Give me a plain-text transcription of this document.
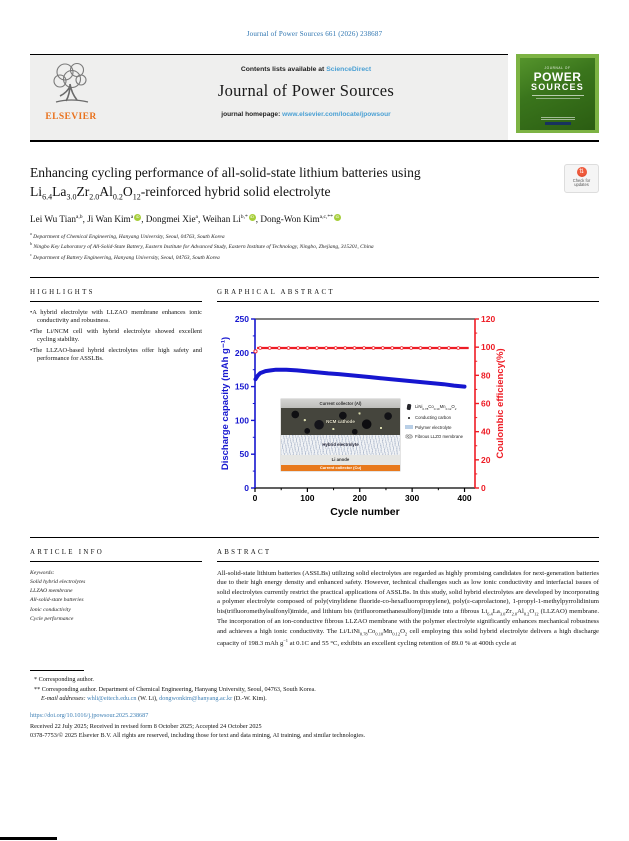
Journal of Power Sources 661 (2026) 238687
ELSEVIER
Contents lists available at ScienceDirect
Journal of Power Sources
journal homepage: www.elsevier.com/locate/jpowsour
JOURNAL OF
POWER
SOURCES
Enhancing cycling performance of all-solid-state lithium batteries using
$Li_{6.4}La_{3.0}Zr_{2.0}Al_{0.2}O_{12}$-reinforced hybrid solid electrolyte
⇅
Check for updates
Lei Wu Tian$^{a,b}$, Ji Wan Kim$^a$ iD , Dongmei Xie$^a$, Weihan $Li^{b,*}$ iD , Dong-Won Kim$^{a,c,**}$ iD
$^a$ Department of Chemical Engineering, Hanyang University, Seoul, 04763, South Korea
$^b$ Ningbo Key Laboratory of All-Solid-State Battery, Eastern Institute for Advanced Study, Eastern Institute of Technology, Ningbo, Zhejiang, 315201, China
$^c$ Department of Battery Engineering, Hanyang University, Seoul, 04763, South Korea
HIGHLIGHTS
• A hybrid electrolyte with LLZAO membrane enhances ionic conductivity and robustness.
• The Li/NCM cell with hybrid electrolyte showed excellent cycling stability.
• The LLZAO-based hybrid electrolytes offer high safety and performance for ASSLBs.
GRAPHICAL ABSTRACT
0
50
100
150
200
250
0
20
40
60
80
100
120
0	100	200	300	400
Discharge capacity (mAh g⁻¹)	Coulombic efficiency(%)
Cycle number
Current collector (Al)
NCM cathode
Hybrid electrolyte
Li anode
Current collector (Cu)
$LiNi_{0.78}Co_{0.10}Mn_{0.12}O_2$
Conducting carbon
Polymer electrolyte
Fibrous LLZO membrane
ARTICLE INFO
Keywords:
Solid hybrid electrolytes
LLZAO membrane
All-solid-state batteries
Ionic conductivity
Cycle performance
ABSTRACT
All-solid-state lithium batteries (ASSLBs) utilizing solid electrolytes are regarded as highly promising candidates for next-generation batteries due to their high energy density and enhanced safety. However, technical challenges such as low ionic conductivity and interfacial issues of solid electrolytes currently restrict the practical applications of ASSLBs. In this study, solid hybrid electrolytes are developed by incorporating a polymer electrolyte composed of poly(vinylidene fluoride-co-hexafluoropropylene), poly(ε-caprolactone), 1-propyl-1-methylpyrrolidinium bis(trifluoromethylsulfonyl)imide, and lithium bis (trifluoromethanesulfonyl)imide into a fibrous $Li_{6.4}La_{3.0}Zr_{2.0}Al_{0.2}O_{12}$ (LLZAO) membrane. The incorporation of an ion-conductive fibrous LLZAO membrane with the polymer electrolyte significantly enhances mechanical robustness and achieves a high ionic conductivity. The $Li/LiNi_{0.78}Co_{0.10}Mn_{0.12}O_2$ cell employing this solid hybrid electrolyte delivers a high discharge capacity of 198.3 mAh $g^{-1}$ at 0.1C and 55 °C, exhibits an excellent cycling retention of 89.0 % at 400th cycle at
* Corresponding author.
** Corresponding author. Department of Chemical Engineering, Hanyang University, Seoul, 04763, South Korea.
E-mail addresses: whli@eitech.edu.cn (W. Li), dongwonkim@hanyang.ac.kr (D.-W. Kim).
https://doi.org/10.1016/j.jpowsour.2025.238687
Received 22 July 2025; Received in revised form 8 October 2025; Accepted 24 October 2025
0378-7753/© 2025 Elsevier B.V. All rights are reserved, including those for text and data mining, AI training, and similar technologies.
